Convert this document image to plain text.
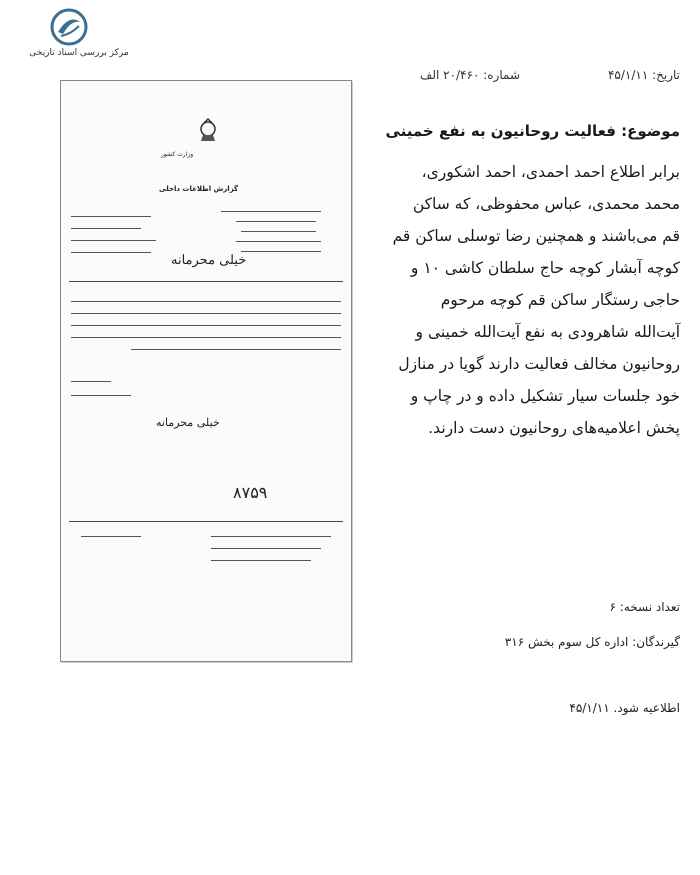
مرکز بررسی اسناد تاریخی
وزارت کشور
گزارش اطلاعات داخلی
خیلی محرمانه
خیلی محرمانه
۸۷۵۹
تاریخ: ۴۵/۱/۱۱
شماره: ۲۰/۴۶۰ الف
موضوع: فعالیت روحانیون به نفع خمینی
برابر اطلاع احمد احمدی، احمد اشکوری،
محمد محمدی، عباس محفوظی، که ساکن
قم می‌باشند و همچنین رضا توسلی ساکن قم
کوچه آبشار کوچه حاج سلطان کاشی ۱۰ و
حاجی رستگار ساکن قم کوچه مرحوم
آیت‌الله شاهرودی به نفع آیت‌الله خمینی و
روحانیون مخالف فعالیت دارند گویا در منازل
خود جلسات سیار تشکیل داده و در چاپ و
پخش اعلامیه‌های روحانیون دست دارند.
تعداد نسخه: ۶
گیرندگان: اداره کل سوم بخش ۳۱۶
اطلاعیه شود. ۴۵/۱/۱۱
